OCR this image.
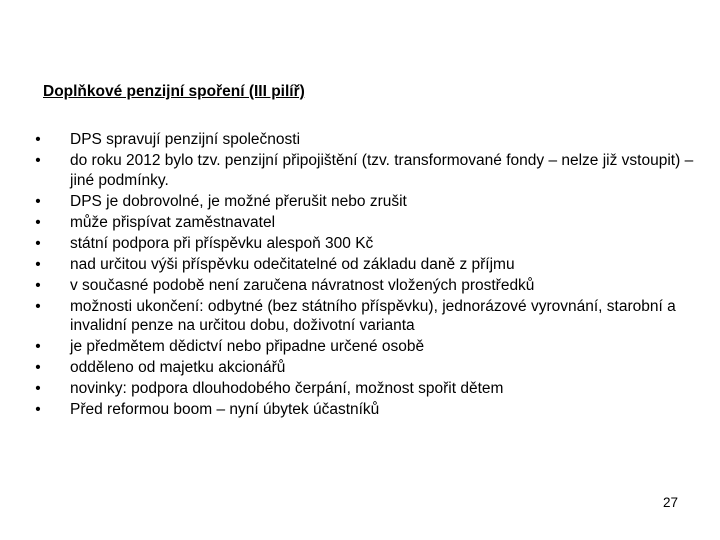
Doplňkové penzijní spoření (III pilíř)
• DPS spravují penzijní společnosti
• do roku 2012 bylo tzv. penzijní připojištění (tzv. transformované fondy – nelze již vstoupit) – jiné podmínky.
• DPS je dobrovolné, je možné přerušit nebo zrušit
• může přispívat zaměstnavatel
• státní podpora při příspěvku alespoň 300 Kč
• nad určitou výši příspěvku odečitatelné od základu daně z příjmu
• v současné podobě není zaručena návratnost vložených prostředků
• možnosti ukončení: odbytné (bez státního příspěvku), jednorázové vyrovnání, starobní a invalidní penze na určitou dobu, doživotní varianta
• je předmětem dědictví nebo připadne určené osobě
• odděleno od majetku akcionářů
• novinky: podpora dlouhodobého čerpání, možnost spořit dětem
• Před reformou boom – nyní úbytek účastníků
27
